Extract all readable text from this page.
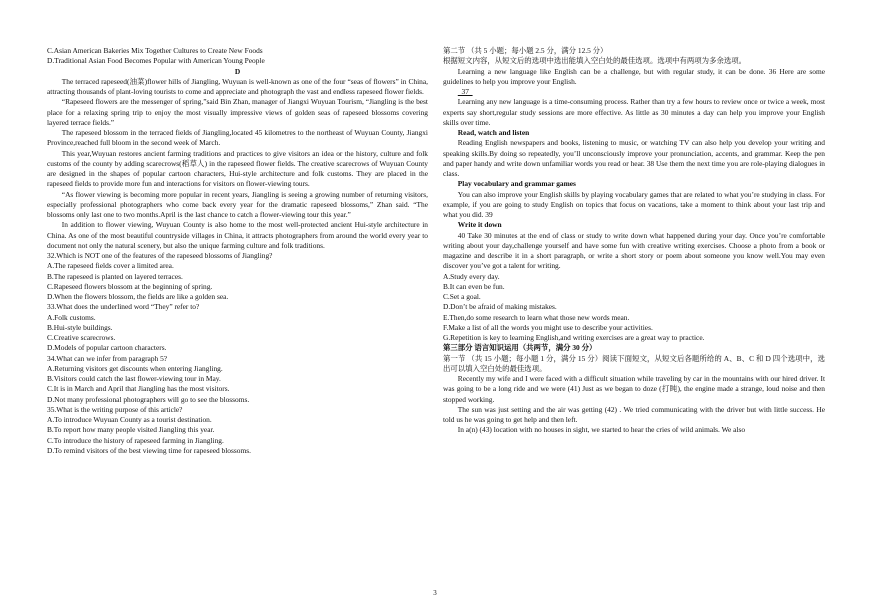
C.Asian American Bakeries Mix Together Cultures to Create New Foods

D.Traditional Asian Food Becomes Popular with American Young People

D

The terraced rapeseed(油菜)flower hills of Jiangling, Wuyuan is well-known as one of the four “seas of flowers” in China, attracting thousands of plant-loving tourists to come and appreciate and photograph the vast and endless rapeseed flower fields.

“Rapeseed flowers are the messenger of spring,”said Bin Zhan, manager of Jiangxi Wuyuan Tourism, “Jiangling is the best place for a relaxing spring trip to enjoy the most visually impressive views of golden seas of rapeseed blossoms covering layered terrace fields.”

The rapeseed blossom in the terraced fields of Jiangling,located 45 kilometres to the northeast of Wuyuan County, Jiangxi Province,reached full bloom in the second week of March.

This year,Wuyuan restores ancient farming traditions and practices to give visitors an idea or the history, culture and folk customs of the county by adding scarecrows(稻草人) in the rapeseed flower fields. The creative scarecrows of Wuyuan County are designed in the shapes of popular cartoon characters, Hui-style architecture and folk customs. They are placed in the rapeseed fields to provide more fun and interactions for visitors on flower-viewing tours.

“As flower viewing is becoming more popular in recent years, Jiangling is seeing a growing number of returning visitors, especially professional photographers who come back every year for the dramatic rapeseed blossoms,” Zhan said. “The blossoms only last one to two months.April is the last chance to catch a flower-viewing tour this year.”

In addition to flower viewing, Wuyuan County is also home to the most well-protected ancient Hui-style architecture in China. As one of the most beautiful countryside villages in China, it attracts photographers from around the world every year to document not only the natural scenery, but also the unique farming culture and folk traditions.

32.Which is NOT one of the features of the rapeseed blossoms of Jiangling?

A.The rapeseed fields cover a limited area.

B.The rapeseed is planted on layered terraces.

C.Rapeseed flowers blossom at the beginning of spring.

D.When the flowers blossom, the fields are like a golden sea.

33.What does the underlined word “They” refer to?

A.Folk customs.

B.Hui-style buildings.

C.Creative scarecrows.

D.Models of popular cartoon characters.

34.What can we infer from paragraph 5?

A.Returning visitors get discounts when entering Jiangling.

B.Visitors could catch the last flower-viewing tour in May.

C.It is in March and April that Jiangling has the most visitors.

D.Not many professional photographers will go to see the blossoms.

35.What is the writing purpose of this article?

A.To introduce Wuyuan County as a tourist destination.

B.To report how many people visited Jiangling this year.

C.To introduce the history of rapeseed farming in Jiangling.

D.To remind visitors of the best viewing time for rapeseed blossoms.

第二节 （共 5 小题；每小题 2.5 分，满分 12.5 分）

根据短文内容，从短文后的选项中选出能填入空白处的最佳选项。选项中有两项为多余选项。

Learning a new language like English can be a challenge, but with regular study, it can be done. 36 Here are some guidelines to help you improve your English.

37

Learning any new language is a time-consuming process. Rather than try a few hours to review once or twice a week, most experts say short,regular study sessions are more effective. As little as 30 minutes a day can help you improve your English skills over time.

Read, watch and listen

Reading English newspapers and books, listening to music, or watching TV can also help you develop your writing and speaking skills.By doing so repeatedly, you’ll unconsciously improve your pronunciation, accents, and grammar. Keep the pen and paper handy and write down unfamiliar words you read or hear. 38 Use them the next time you are role-playing dialogues in class.

Play vocabulary and grammar games

You can also improve your English skills by playing vocabulary games that are related to what you’re studying in class. For example, if you are going to study English on topics that focus on vacations, take a moment to think about your last trip and what you did. 39

Write it down

40 Take 30 minutes at the end of class or study to write down what happened during your day. Once you’re comfortable writing about your day,challenge yourself and have some fun with creative writing exercises. Choose a photo from a book or magazine and describe it in a short paragraph, or write a short story or poem about someone you know well.You may even discover you’ve got a talent for writing.

A.Study every day.

B.It can even be fun.

C.Set a goal.

D.Don’t be afraid of making mistakes.

E.Then,do some research to learn what those new words mean.

F.Make a list of all the words you might use to describe your activities.

G.Repetition is key to learning English,and writing exercises are a great way to practice.

第三部分 语言知识运用（共两节，满分 30 分）

第一节 （共 15 小题；每小题 1 分，满分 15 分）阅读下面短文，从短文后各题所给的 A、B、C 和 D 四个选项中，选出可以填入空白处的最佳选项。

Recently my wife and I were faced with a difficult situation while traveling by car in the mountains with our hired driver. It was going to be a long ride and we were (41) Just as we began to doze (打盹), the engine made a strange, loud noise and then stopped working.

The sun was just setting and the air was getting (42) . We tried communicating with the driver but with little success. He told us he was going to get help and then left.

In a(n) (43) location with no houses in sight, we started to hear the cries of wild animals. We also

3
